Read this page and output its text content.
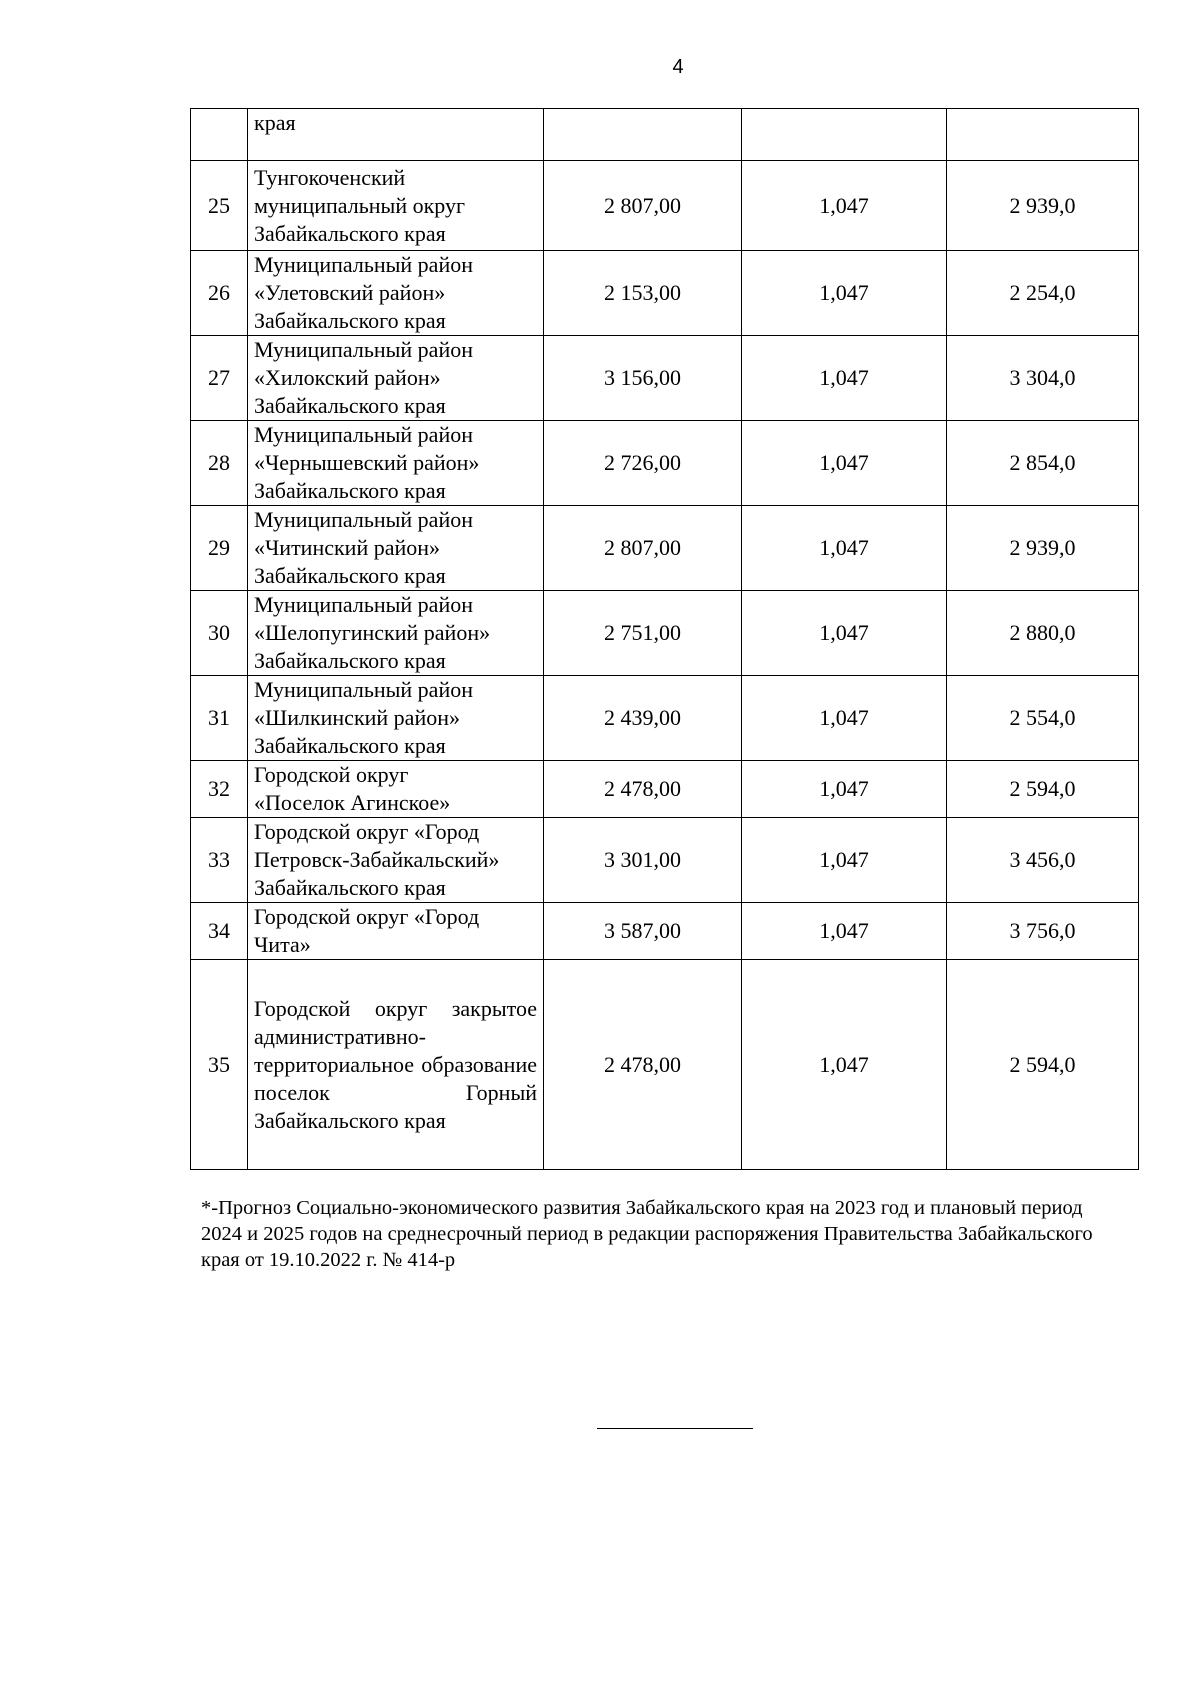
4

	края			

25	Тунгокоченский
муниципальный округ
Забайкальского края	2 807,00	1,047	2 939,0
26	Муниципальный район
«Улетовский район»
Забайкальского края	2 153,00	1,047	2 254,0
27	Муниципальный район
«Хилокский район»
Забайкальского края	3 156,00	1,047	3 304,0
28	Муниципальный район
«Чернышевский район»
Забайкальского края	2 726,00	1,047	2 854,0
29	Муниципальный район
«Читинский район»
Забайкальского края	2 807,00	1,047	2 939,0
30	Муниципальный район
«Шелопугинский район»
Забайкальского края	2 751,00	1,047	2 880,0
31	Муниципальный район
«Шилкинский район»
Забайкальского края	2 439,00	1,047	2 554,0
32	Городской округ
«Поселок Агинское»	2 478,00	1,047	2 594,0
33	Городской округ «Город
Петровск-Забайкальский»
Забайкальского края	3 301,00	1,047	3 456,0
34	Городской округ «Город
Чита»	3 587,00	1,047	3 756,0
35	Городской округ закрытое административно-территориальное образование поселок Горный Забайкальского края	2 478,00	1,047	2 594,0
*-Прогноз Социально-экономического развития Забайкальского края на 2023 год и плановый период 2024 и 2025 годов на среднесрочный период в редакции распоряжения Правительства Забайкальского края от 19.10.2022 г. № 414-р
